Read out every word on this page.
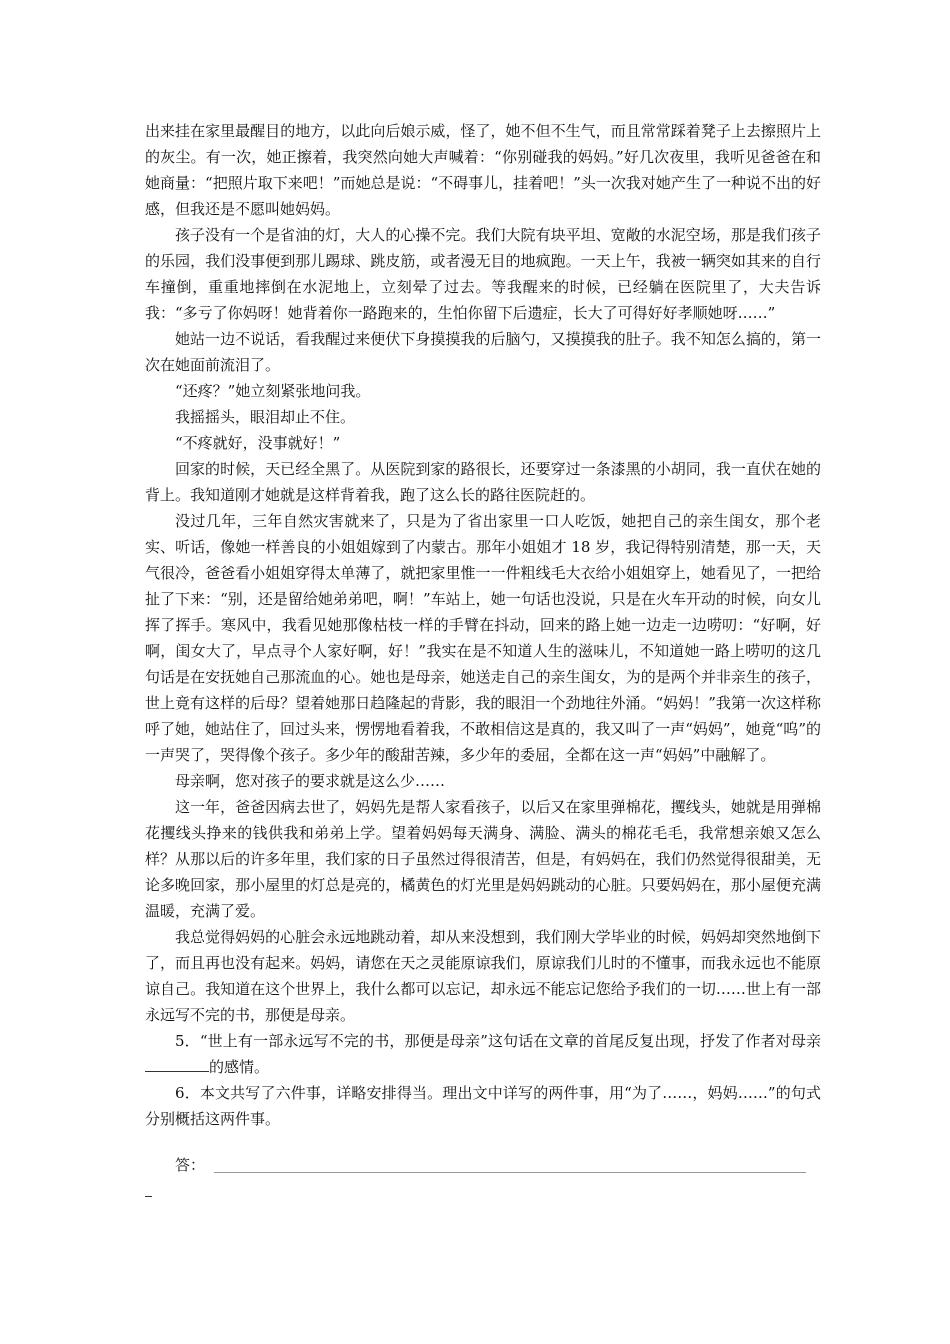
出来挂在家里最醒目的地方，以此向后娘示威，怪了，她不但不生气，而且常常踩着凳子上去擦照片上的灰尘。有一次，她正擦着，我突然向她大声喊着：“你别碰我的妈妈。”好几次夜里，我听见爸爸在和她商量：“把照片取下来吧！”而她总是说：“不碍事儿，挂着吧！”头一次我对她产生了一种说不出的好感，但我还是不愿叫她妈妈。

孩子没有一个是省油的灯，大人的心操不完。我们大院有块平坦、宽敞的水泥空场，那是我们孩子的乐园，我们没事便到那儿踢球、跳皮筋，或者漫无目的地疯跑。一天上午，我被一辆突如其来的自行车撞倒，重重地摔倒在水泥地上，立刻晕了过去。等我醒来的时候，已经躺在医院里了，大夫告诉我：“多亏了你妈呀！她背着你一路跑来的，生怕你留下后遗症，长大了可得好好孝顺她呀……”

她站一边不说话，看我醒过来便伏下身摸摸我的后脑勺，又摸摸我的肚子。我不知怎么搞的，第一次在她面前流泪了。

“还疼？”她立刻紧张地问我。

我摇摇头，眼泪却止不住。

“不疼就好，没事就好！”

回家的时候，天已经全黑了。从医院到家的路很长，还要穿过一条漆黑的小胡同，我一直伏在她的背上。我知道刚才她就是这样背着我，跑了这么长的路往医院赶的。

没过几年，三年自然灾害就来了，只是为了省出家里一口人吃饭，她把自己的亲生闺女，那个老实、听话，像她一样善良的小姐姐嫁到了内蒙古。那年小姐姐才 18 岁，我记得特别清楚，那一天，天气很冷，爸爸看小姐姐穿得太单薄了，就把家里惟一一件粗线毛大衣给小姐姐穿上，她看见了，一把给扯了下来：“别，还是留给她弟弟吧，啊！”车站上，她一句话也没说，只是在火车开动的时候，向女儿挥了挥手。寒风中，我看见她那像枯枝一样的手臂在抖动，回来的路上她一边走一边唠叨：“好啊，好啊，闺女大了，早点寻个人家好啊，好！”我实在是不知道人生的滋味儿，不知道她一路上唠叨的这几句话是在安抚她自己那流血的心。她也是母亲，她送走自己的亲生闺女，为的是两个并非亲生的孩子，世上竟有这样的后母？望着她那日趋隆起的背影，我的眼泪一个劲地往外涌。“妈妈！”我第一次这样称呼了她，她站住了，回过头来，愣愣地看着我，不敢相信这是真的，我又叫了一声“妈妈”，她竟“呜”的一声哭了，哭得像个孩子。多少年的酸甜苦辣，多少年的委屈，全都在这一声“妈妈”中融解了。

母亲啊，您对孩子的要求就是这么少……

这一年，爸爸因病去世了，妈妈先是帮人家看孩子，以后又在家里弹棉花，攫线头，她就是用弹棉花攫线头挣来的钱供我和弟弟上学。望着妈妈每天满身、满脸、满头的棉花毛毛，我常想亲娘又怎么样？从那以后的许多年里，我们家的日子虽然过得很清苦，但是，有妈妈在，我们仍然觉得很甜美，无论多晚回家，那小屋里的灯总是亮的，橘黄色的灯光里是妈妈跳动的心脏。只要妈妈在，那小屋便充满温暖，充满了爱。

我总觉得妈妈的心脏会永远地跳动着，却从来没想到，我们刚大学毕业的时候，妈妈却突然地倒下了，而且再也没有起来。妈妈，请您在天之灵能原谅我们，原谅我们儿时的不懂事，而我永远也不能原谅自己。我知道在这个世界上，我什么都可以忘记，却永远不能忘记您给予我们的一切……世上有一部永远写不完的书，那便是母亲。

5．“世上有一部永远写不完的书，那便是母亲”这句话在文章的首尾反复出现，抒发了作者对母亲的感情。

6．本文共写了六件事，详略安排得当。理出文中详写的两件事，用“为了……，妈妈……”的句式分别概括这两件事。

答：
